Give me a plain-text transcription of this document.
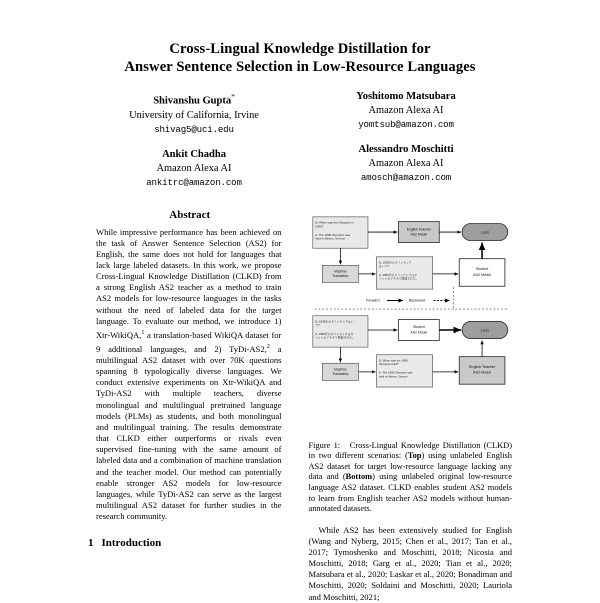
Cross-Lingual Knowledge Distillation for
Answer Sentence Selection in Low-Resource Languages
Shivanshu Gupta*
University of California, Irvine
shivag5@uci.edu
Ankit Chadha
Amazon Alexa AI
ankitrc@amazon.com
Yoshitomo Matsubara
Amazon Alexa AI
yomtsub@amazon.com
Alessandro Moschitti
Amazon Alexa AI
amosch@amazon.com
Abstract

While impressive performance has been achieved on the task of Answer Sentence Selection (AS2) for English, the same does not hold for languages that lack large labeled datasets. In this work, we propose Cross-Lingual Knowledge Distillation (CLKD) from a strong English AS2 teacher as a method to train AS2 models for low-resource languages in the tasks without the need of labeled data for the target language. To evaluate our method, we introduce 1) Xtr-WikiQA,$^1$ a translation-based WikiQA dataset for 9 additional languages, and 2) TyDi-AS2,$^2$ a multilingual AS2 dataset with over 70K questions spanning 8 typologically diverse languages. We conduct extensive experiments on Xtr-WikiQA and TyDi-AS2 with multiple teachers, diverse monolingual and multilingual pretrained language models (PLMs) as students, and both monolingual and multilingual training. The results demonstrate that CLKD either outperforms or rivals even supervised fine-tuning with the same amount of labeled data and a combination of machine translation and the teacher model. Our method can potentially enable stronger AS2 models for low-resource languages, while TyDi-AS2 can serve as the largest multilingual AS2 dataset for further studies in the research community.

1 Introduction
Q: When was the Olympics in
1896?
A: The 1896 Olympics was
held in Athens, Greece.
English Teacher
AS2 Model	Loss
Machine
Translation
Q: 1896年のオリンピック
はいつ?
A: 1896年のオリンピックはギ
リシャのアテネで開催された。
Student
AS2 Model
Forward	Backward
Q: 1896年のオリンピックはい
つ?
A: 1896年のオリンピックはギ
リシャのアテネで開催された。
Student
AS2 Model	Loss
Machine
Translation
Q: When was the 1896
Olympics held?
A: The 1896 Olympics was
held in Athens, Greece.
English Teacher
AS2 Model

Figure 1: Cross-Lingual Knowledge Distillation (CLKD) in two different scenarios: (Top) using unlabeled English AS2 dataset for target low-resource language lacking any data and (Bottom) using unlabeled original low-resource language AS2 dataset. CLKD enables student AS2 models to learn from English teacher AS2 models without human-annotated datasets.

While AS2 has been extensively studied for English (Wang and Nyberg, 2015; Chen et al., 2017; Tan et al., 2017; Tymoshenko and Moschitti, 2018; Nicosia and Moschitti, 2018; Garg et al., 2020; Tian et al., 2020; Matsubara et al., 2020; Laskar et al., 2020; Bonadiman and Moschitti, 2020; Soldaini and Moschitti, 2020; Lauriola and Moschitti, 2021;
